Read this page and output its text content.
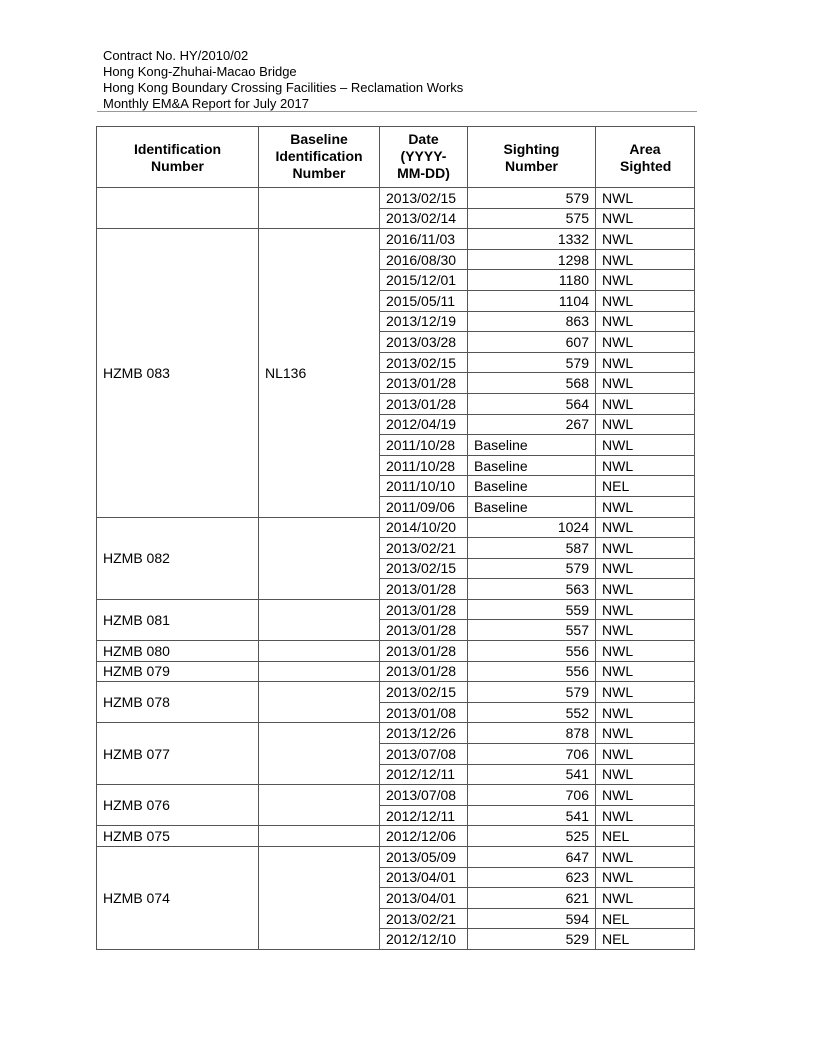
Contract No. HY/2010/02
Hong Kong-Zhuhai-Macao Bridge
Hong Kong Boundary Crossing Facilities – Reclamation Works
Monthly EM&A Report for July 2017
Identification Number	Baseline Identification Number	Date (YYYY-MM-DD)	Sighting Number	Area Sighted
		2013/02/15	579	NWL
		2013/02/14	575	NWL
HZMB 083	NL136	2016/11/03	1332	NWL
		2016/08/30	1298	NWL
		2015/12/01	1180	NWL
		2015/05/11	1104	NWL
		2013/12/19	863	NWL
		2013/03/28	607	NWL
		2013/02/15	579	NWL
		2013/01/28	568	NWL
		2013/01/28	564	NWL
		2012/04/19	267	NWL
		2011/10/28	Baseline	NWL
		2011/10/28	Baseline	NWL
		2011/10/10	Baseline	NEL
		2011/09/06	Baseline	NWL
HZMB 082		2014/10/20	1024	NWL
		2013/02/21	587	NWL
		2013/02/15	579	NWL
		2013/01/28	563	NWL
HZMB 081		2013/01/28	559	NWL
		2013/01/28	557	NWL
HZMB 080		2013/01/28	556	NWL
HZMB 079		2013/01/28	556	NWL
HZMB 078		2013/02/15	579	NWL
		2013/01/08	552	NWL
HZMB 077		2013/12/26	878	NWL
		2013/07/08	706	NWL
		2012/12/11	541	NWL
HZMB 076		2013/07/08	706	NWL
		2012/12/11	541	NWL
HZMB 075		2012/12/06	525	NEL
HZMB 074		2013/05/09	647	NWL
		2013/04/01	623	NWL
		2013/04/01	621	NWL
		2013/02/21	594	NEL
		2012/12/10	529	NEL
